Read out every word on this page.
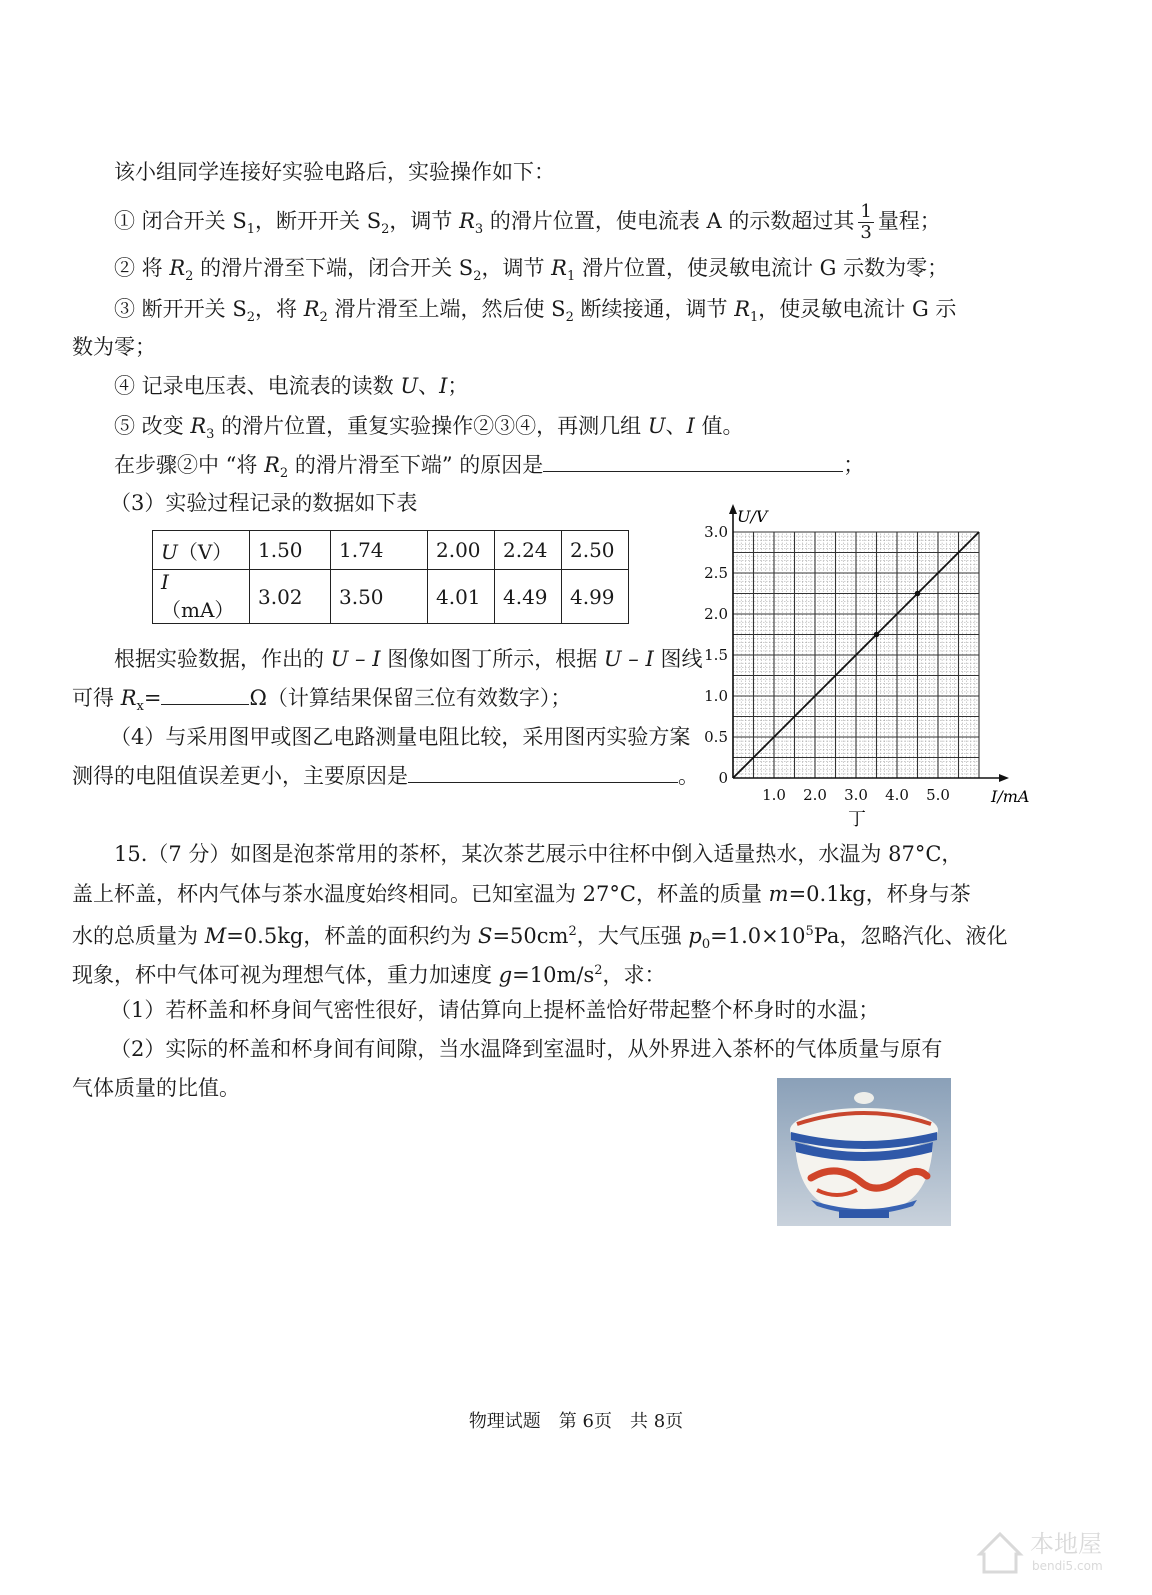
该小组同学连接好实验电路后，实验操作如下：
① 闭合开关 $S_1$，断开开关 $S_2$，调节 $R_3$ 的滑片位置，使电流表 A 的示数超过其 $\frac{1}{3}$ 量程；
② 将 $R_2$ 的滑片滑至下端，闭合开关 $S_2$，调节 $R_1$ 滑片位置，使灵敏电流计 G 示数为零；
③ 断开开关 $S_2$，将 $R_2$ 滑片滑至上端，然后使 $S_2$ 断续接通，调节 $R_1$，使灵敏电流计 G 示
数为零；
④ 记录电压表、电流表的读数 U、I；
⑤ 改变 $R_3$ 的滑片位置，重复实验操作②③④，再测几组 U、I 值。
在步骤②中 “将 $R_2$ 的滑片滑至下端” 的原因是	；
（3）实验过程记录的数据如下表
U（V）	1.50	1.74	2.00	2.24	2.50
I（mA）	3.02	3.50	4.01	4.49	4.99
根据实验数据，作出的 U – I 图像如图丁所示，根据 U – I 图线
可得 $R_x=$	Ω（计算结果保留三位有效数字）；
（4）与采用图甲或图乙电路测量电阻比较，采用图丙实验方案
测得的电阻值误差更小，主要原因是	。
1.0 2.0 3.0 4.0 5.0
0
0.5
1.0
1.5
2.0
2.5
3.0
U/V
I/mA
丁
15.（7 分）如图是泡茶常用的茶杯，某次茶艺展示中往杯中倒入适量热水，水温为 87°C，
盖上杯盖，杯内气体与茶水温度始终相同。已知室温为 27°C，杯盖的质量 m=0.1kg，杯身与茶
水的总质量为 M=0.5kg，杯盖的面积约为 $S=50cm^2$，大气压强 $p_0=1.0\times 10^5Pa$，忽略汽化、液化
现象，杯中气体可视为理想气体，重力加速度 $g=10m/s^2$，求：
（1）若杯盖和杯身间气密性很好，请估算向上提杯盖恰好带起整个杯身时的水温；
（2）实际的杯盖和杯身间有间隙，当水温降到室温时，从外界进入茶杯的气体质量与原有
气体质量的比值。
物理试题　第 6页　共 8页
本地屋
bendi5.com
